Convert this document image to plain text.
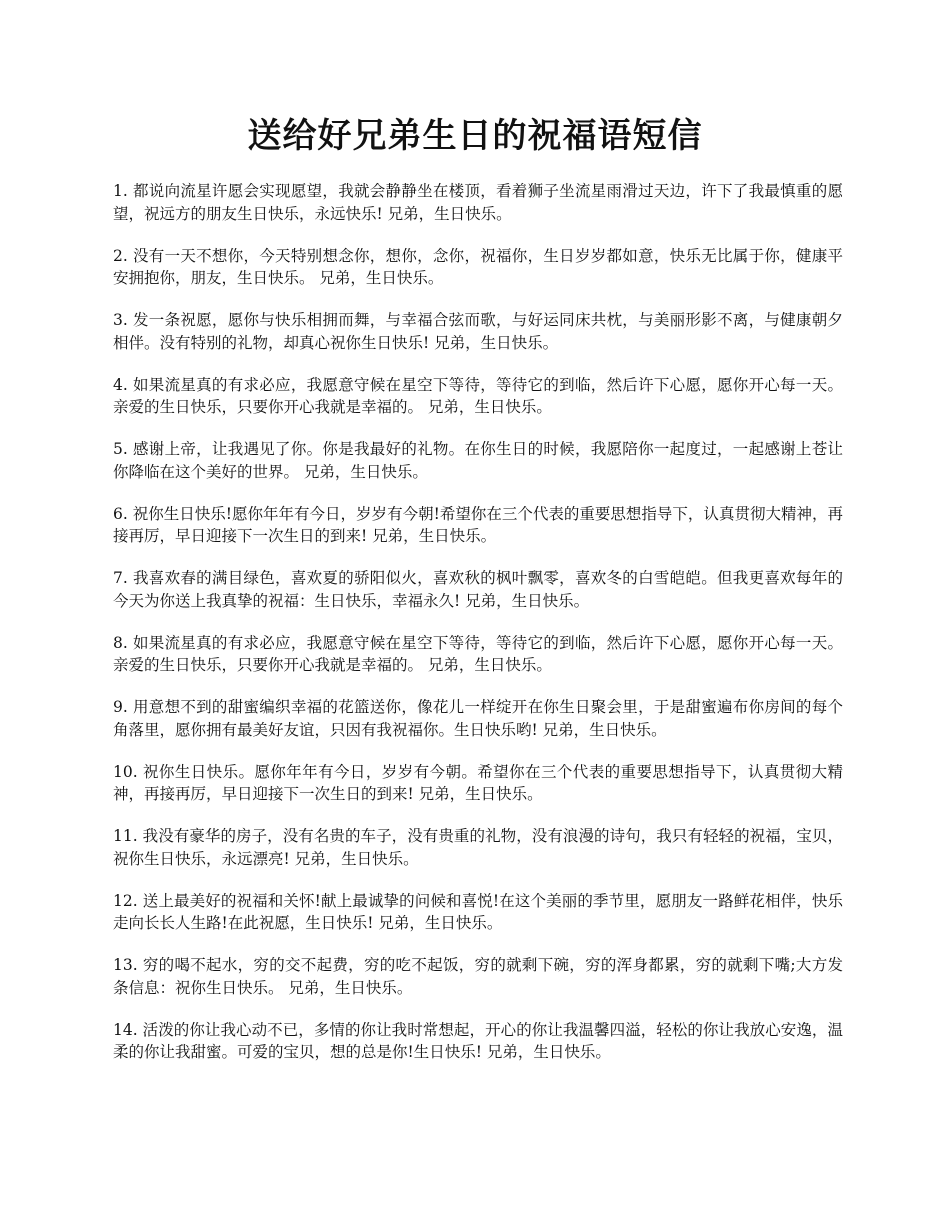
送给好兄弟生日的祝福语短信

1. 都说向流星许愿会实现愿望，我就会静静坐在楼顶，看着狮子坐流星雨滑过天边，许下了我最慎重的愿望，祝远方的朋友生日快乐，永远快乐! 兄弟，生日快乐。

2. 没有一天不想你，今天特别想念你，想你，念你，祝福你，生日岁岁都如意，快乐无比属于你，健康平安拥抱你，朋友，生日快乐。 兄弟，生日快乐。

3. 发一条祝愿，愿你与快乐相拥而舞，与幸福合弦而歌，与好运同床共枕，与美丽形影不离，与健康朝夕相伴。没有特别的礼物，却真心祝你生日快乐! 兄弟，生日快乐。

4. 如果流星真的有求必应，我愿意守候在星空下等待，等待它的到临，然后许下心愿，愿你开心每一天。亲爱的生日快乐，只要你开心我就是幸福的。 兄弟，生日快乐。

5. 感谢上帝，让我遇见了你。你是我最好的礼物。在你生日的时候，我愿陪你一起度过，一起感谢上苍让你降临在这个美好的世界。 兄弟，生日快乐。

6. 祝你生日快乐!愿你年年有今日，岁岁有今朝!希望你在三个代表的重要思想指导下，认真贯彻大精神，再接再厉，早日迎接下一次生日的到来! 兄弟，生日快乐。

7. 我喜欢春的满目绿色，喜欢夏的骄阳似火，喜欢秋的枫叶飘零，喜欢冬的白雪皑皑。但我更喜欢每年的今天为你送上我真挚的祝福：生日快乐，幸福永久! 兄弟，生日快乐。

8. 如果流星真的有求必应，我愿意守候在星空下等待，等待它的到临，然后许下心愿，愿你开心每一天。亲爱的生日快乐，只要你开心我就是幸福的。 兄弟，生日快乐。

9. 用意想不到的甜蜜编织幸福的花篮送你，像花儿一样绽开在你生日聚会里，于是甜蜜遍布你房间的每个角落里，愿你拥有最美好友谊，只因有我祝福你。生日快乐哟! 兄弟，生日快乐。

10. 祝你生日快乐。愿你年年有今日，岁岁有今朝。希望你在三个代表的重要思想指导下，认真贯彻大精神，再接再厉，早日迎接下一次生日的到来! 兄弟，生日快乐。

11. 我没有豪华的房子，没有名贵的车子，没有贵重的礼物，没有浪漫的诗句，我只有轻轻的祝福，宝贝，祝你生日快乐，永远漂亮! 兄弟，生日快乐。

12. 送上最美好的祝福和关怀!献上最诚挚的问候和喜悦!在这个美丽的季节里，愿朋友一路鲜花相伴，快乐走向长长人生路!在此祝愿，生日快乐! 兄弟，生日快乐。

13. 穷的喝不起水，穷的交不起费，穷的吃不起饭，穷的就剩下碗，穷的浑身都累，穷的就剩下嘴;大方发条信息：祝你生日快乐。 兄弟，生日快乐。

14. 活泼的你让我心动不已，多情的你让我时常想起，开心的你让我温馨四溢，轻松的你让我放心安逸，温柔的你让我甜蜜。可爱的宝贝，想的总是你!生日快乐! 兄弟，生日快乐。
